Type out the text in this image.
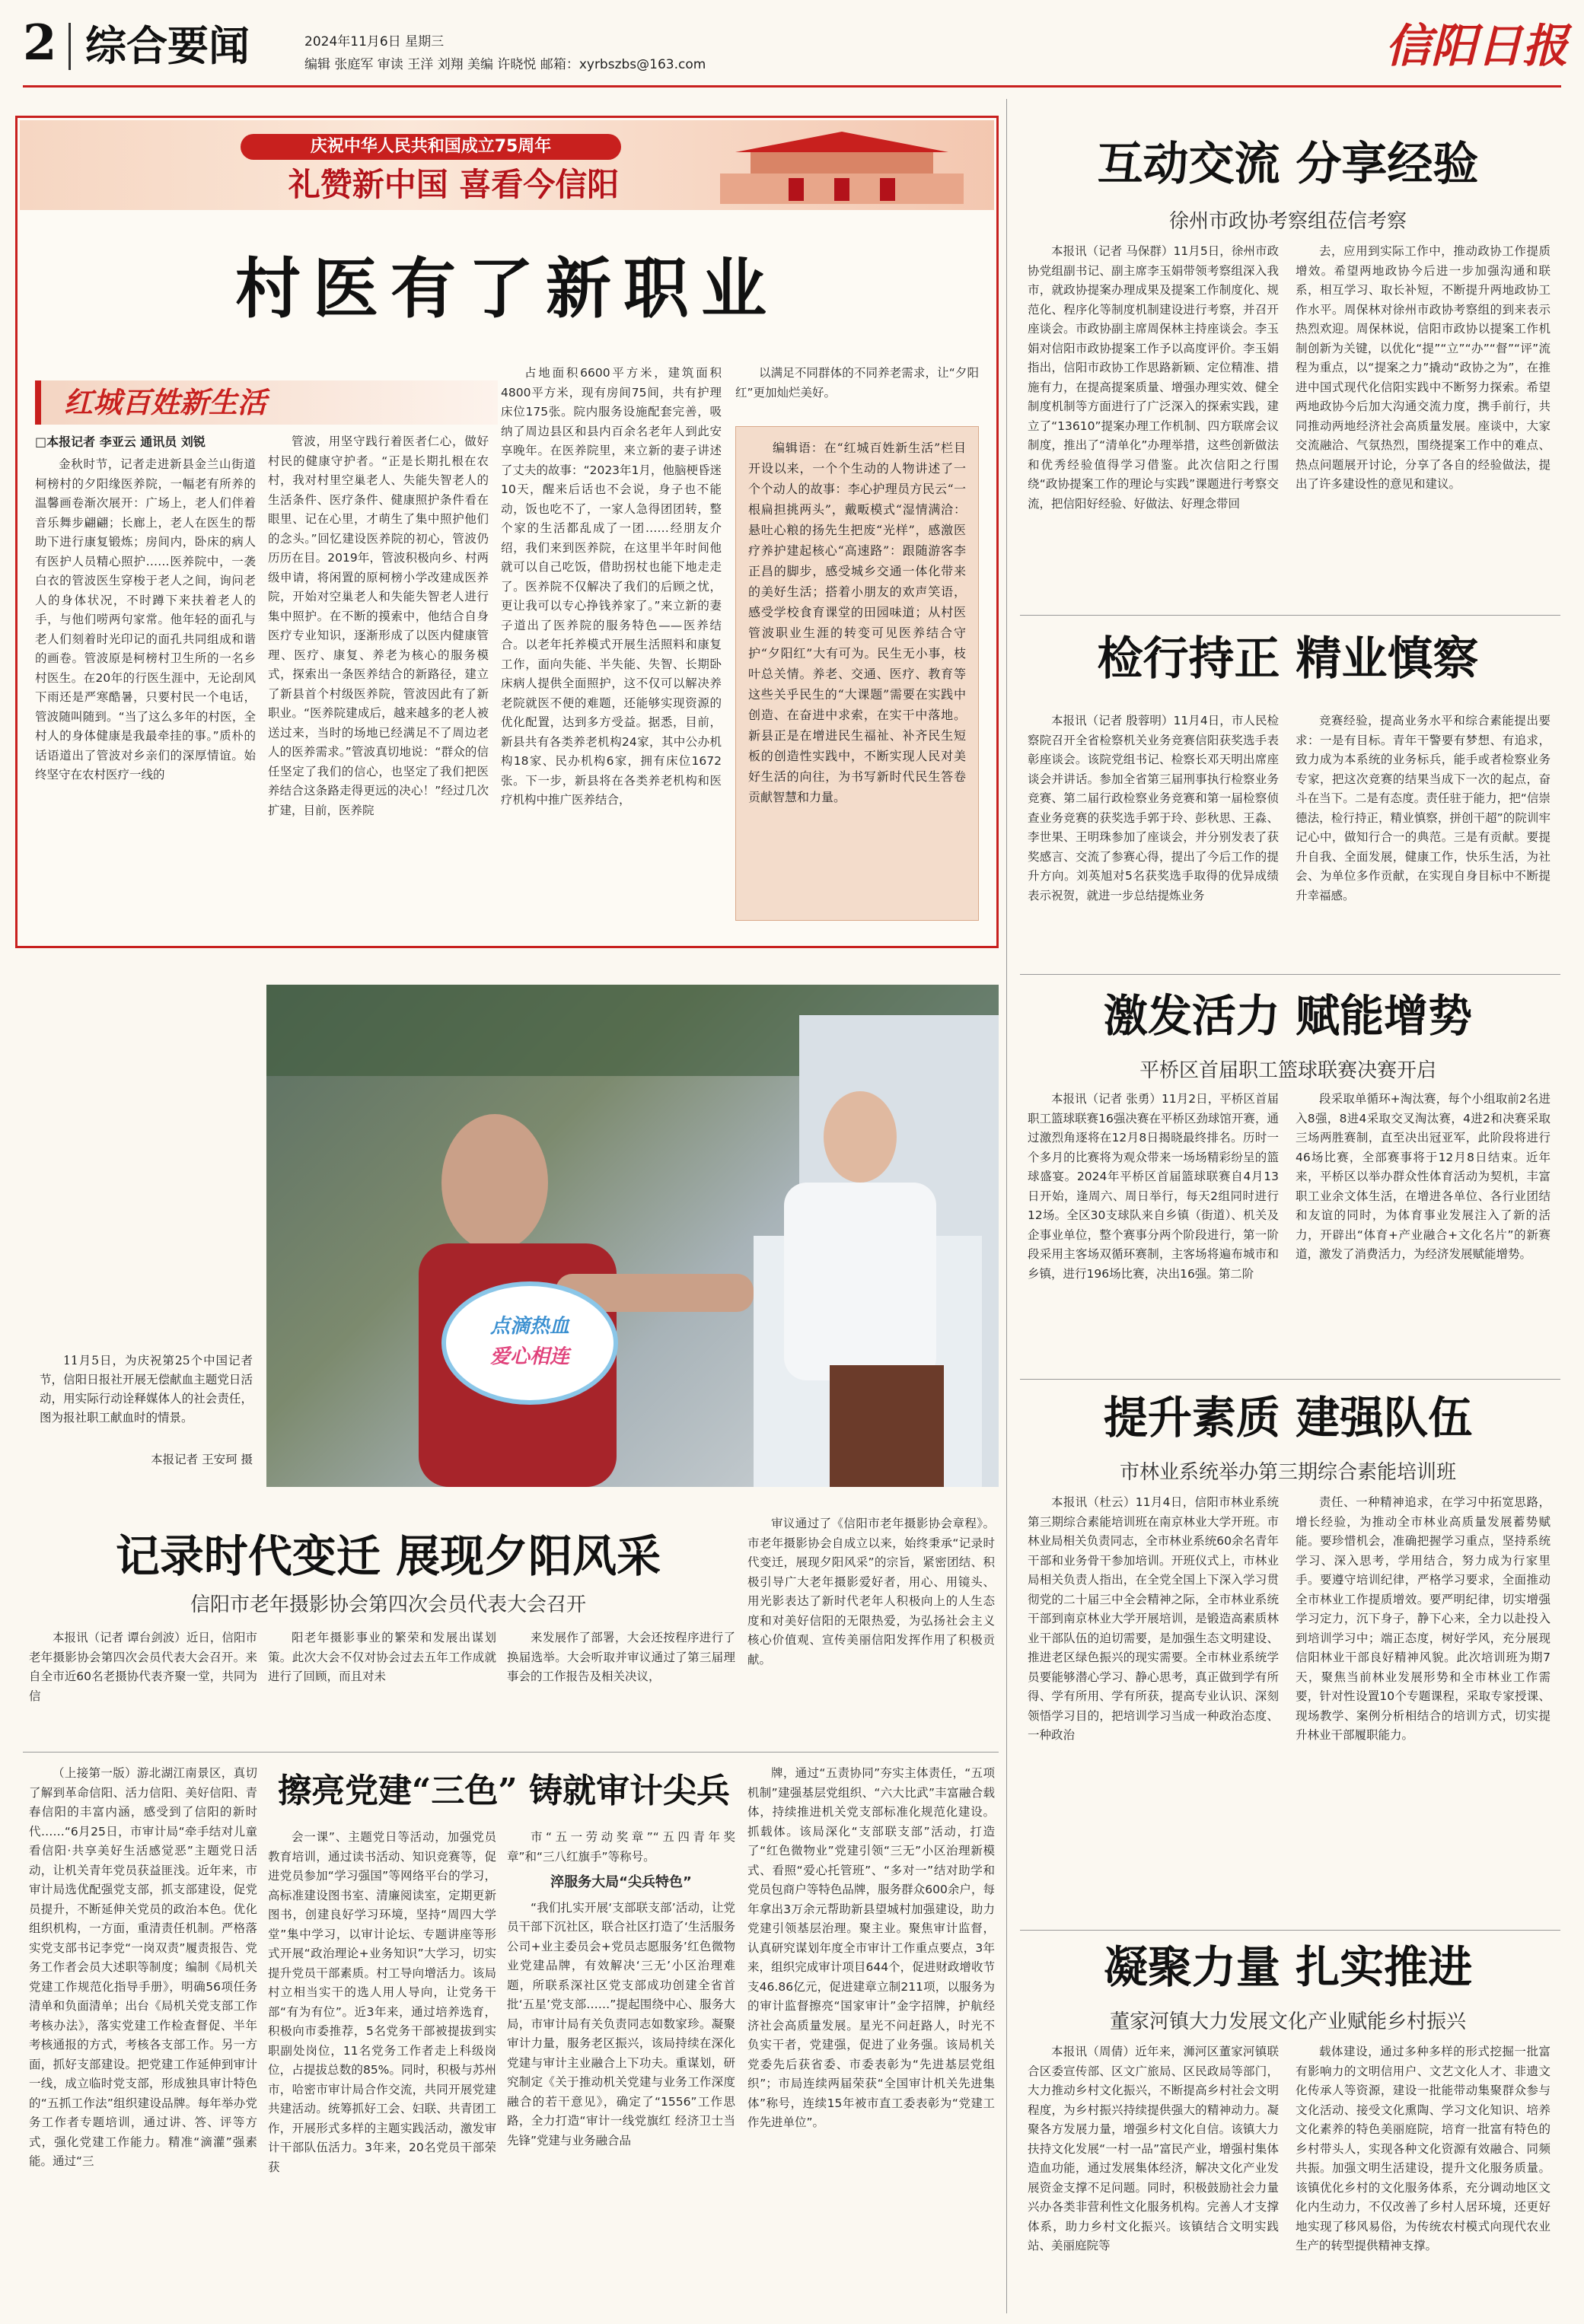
2 综合要闻	2024年11月6日 星期三
编辑 张庭军 审读 王洋 刘翔 美编 许晓悦 邮箱：xyrbszbs@163.com	信阳日报
庆祝中华人民共和国成立75周年
礼赞新中国 喜看今信阳
村医有了新职业
红城百姓新生活
□本报记者 李亚云 通讯员 刘锐

金秋时节，记者走进新县金兰山街道柯榜村的夕阳缘医养院，一幅老有所养的温馨画卷渐次展开：广场上，老人们伴着音乐舞步翩翩；长廊上，老人在医生的帮助下进行康复锻炼；房间内，卧床的病人有医护人员精心照护……医养院中，一袭白衣的管波医生穿梭于老人之间，询问老人的身体状况，不时蹲下来扶着老人的手，与他们唠两句家常。他年轻的面孔与老人们刻着时光印记的面孔共同组成和谐的画卷。管波原是柯榜村卫生所的一名乡村医生。在20年的行医生涯中，无论刮风下雨还是严寒酷暑，只要村民一个电话，管波随叫随到。“当了这么多年的村医，全村人的身体健康是我最牵挂的事。”质朴的话语道出了管波对乡亲们的深厚情谊。始终坚守在农村医疗一线的

管波，用坚守践行着医者仁心，做好村民的健康守护者。“正是长期扎根在农村，我对村里空巢老人、失能失智老人的生活条件、医疗条件、健康照护条件看在眼里、记在心里，才萌生了集中照护他们的念头。”回忆建设医养院的初心，管波仍历历在目。2019年，管波积极向乡、村两级申请，将闲置的原柯榜小学改建成医养院，开始对空巢老人和失能失智老人进行集中照护。在不断的摸索中，他结合自身医疗专业知识，逐渐形成了以医内健康管理、医疗、康复、养老为核心的服务模式，探索出一条医养结合的新路径，建立了新县首个村级医养院，管波因此有了新职业。“医养院建成后，越来越多的老人被送过来，当时的场地已经满足不了周边老人的医养需求。”管波真切地说：“群众的信任坚定了我们的信心，也坚定了我们把医养结合这条路走得更远的决心！”经过几次扩建，目前，医养院

占地面积6600平方米，建筑面积4800平方米，现有房间75间，共有护理床位175张。院内服务设施配套完善，吸纳了周边县区和县内百余名老年人到此安享晚年。在医养院里，来立新的妻子讲述了丈夫的故事：“2023年1月，他脑梗昏迷10天，醒来后话也不会说，身子也不能动，饭也吃不了，一家人急得团团转，整个家的生活都乱成了一团……经朋友介绍，我们来到医养院，在这里半年时间他就可以自己吃饭，借助拐杖也能下地走走了。医养院不仅解决了我们的后顾之忧，更让我可以专心挣钱养家了。”来立新的妻子道出了医养院的服务特色——医养结合。以老年托养模式开展生活照料和康复工作，面向失能、半失能、失智、长期卧床病人提供全面照护，这不仅可以解决养老院就医不便的难题，还能够实现资源的优化配置，达到多方受益。据悉，目前，新县共有各类养老机构24家，其中公办机构18家、民办机构6家，拥有床位1672张。下一步，新县将在各类养老机构和医疗机构中推广医养结合，

以满足不同群体的不同养老需求，让“夕阳红”更加灿烂美好。

编辑语：在“红城百姓新生活”栏目开设以来，一个个生动的人物讲述了一个个动人的故事：李心护理员方民云“一根扁担挑两头”，戴畈模式“湿情满洽：悬吐心粮的扬先生把废“光样”，感激医疗养护建起核心“高速路”：跟随游客李正昌的脚步，感受城乡交通一体化带来的美好生活；搭着小朋友的欢声笑语，感受学校食育课堂的田园味道；从村医管波职业生涯的转变可见医养结合守护“夕阳红”大有可为。民生无小事，枝叶总关情。养老、交通、医疗、教育等这些关乎民生的“大课题”需要在实践中创造、在奋进中求索，在实干中落地。新县正是在增进民生福祉、补齐民生短板的创造性实践中，不断实现人民对美好生活的向往，为书写新时代民生答卷贡献智慧和力量。

点滴热血
爱心相连

11月5日，为庆祝第25个中国记者节，信阳日报社开展无偿献血主题党日活动，用实际行动诠释媒体人的社会责任，图为报社职工献血时的情景。

本报记者 王安珂 摄
互动交流 分享经验
徐州市政协考察组莅信考察

本报讯（记者 马保群）11月5日，徐州市政协党组副书记、副主席李玉娟带领考察组深入我市，就政协提案办理成果及提案工作制度化、规范化、程序化等制度机制建设进行考察，并召开座谈会。市政协副主席周保林主持座谈会。李玉娟对信阳市政协提案工作予以高度评价。李玉娟指出，信阳市政协工作思路新颖、定位精准、措施有力，在提高提案质量、增强办理实效、健全制度机制等方面进行了广泛深入的探索实践，建立了“13610”提案办理工作机制、四方联席会议制度，推出了“清单化”办理举措，这些创新做法和优秀经验值得学习借鉴。此次信阳之行围绕“政协提案工作的理论与实践”课题进行考察交流，把信阳好经验、好做法、好理念带回

去，应用到实际工作中，推动政协工作提质增效。希望两地政协今后进一步加强沟通和联系，相互学习、取长补短，不断提升两地政协工作水平。周保林对徐州市政协考察组的到来表示热烈欢迎。周保林说，信阳市政协以提案工作机制创新为关键，以优化“提”“立”“办”“督”“评”流程为重点，以“提案之力”撬动“政协之为”，在推进中国式现代化信阳实践中不断努力探索。希望两地政协今后加大沟通交流力度，携手前行，共同推动两地经济社会高质量发展。座谈中，大家交流融洽、气氛热烈，围绕提案工作中的难点、热点问题展开讨论，分享了各自的经验做法，提出了许多建设性的意见和建议。

检行持正 精业慎察

本报讯（记者 殷蓉明）11月4日，市人民检察院召开全省检察机关业务竞赛信阳获奖选手表彰座谈会。该院党组书记、检察长邓天明出席座谈会并讲话。参加全省第三届刑事执行检察业务竞赛、第二届行政检察业务竞赛和第一届检察侦查业务竞赛的获奖选手郭于玲、彭秋思、王淼、李世果、王明珠参加了座谈会，并分别发表了获奖感言、交流了参赛心得，提出了今后工作的提升方向。刘英旭对5名获奖选手取得的优异成绩表示祝贺，就进一步总结提炼业务

竞赛经验，提高业务水平和综合素能提出要求：一是有目标。青年干警要有梦想、有追求，致力成为本系统的业务标兵，能手或者检察业务专家，把这次竞赛的结果当成下一次的起点，奋斗在当下。二是有态度。责任驻于能力，把“信崇德法，检行持正，精业慎察，拼创干超”的院训牢记心中，做知行合一的典范。三是有贡献。要提升自我、全面发展，健康工作，快乐生活，为社会、为单位多作贡献，在实现自身目标中不断提升幸福感。

激发活力 赋能增势
平桥区首届职工篮球联赛决赛开启

本报讯（记者 张勇）11月2日，平桥区首届职工篮球联赛16强决赛在平桥区劲球馆开赛，通过激烈角逐将在12月8日揭晓最终排名。历时一个多月的比赛将为观众带来一场场精彩纷呈的篮球盛宴。2024年平桥区首届篮球联赛自4月13日开始，逢周六、周日举行，每天2组同时进行12场。全区30支球队来自乡镇（街道）、机关及企事业单位，整个赛事分两个阶段进行，第一阶段采用主客场双循环赛制，主客场将遍布城市和乡镇，进行196场比赛，决出16强。第二阶

段采取单循环+淘汰赛，每个小组取前2名进入8强，8进4采取交叉淘汰赛，4进2和决赛采取三场两胜赛制，直至决出冠亚军，此阶段将进行46场比赛，全部赛事将于12月8日结束。近年来，平桥区以举办群众性体育活动为契机，丰富职工业余文体生活，在增进各单位、各行业团结和友谊的同时，为体育事业发展注入了新的活力，开辟出“体育+产业融合+文化名片”的新赛道，激发了消费活力，为经济发展赋能增势。

提升素质 建强队伍
市林业系统举办第三期综合素能培训班

本报讯（杜云）11月4日，信阳市林业系统第三期综合素能培训班在南京林业大学开班。市林业局相关负责同志，全市林业系统60余名青年干部和业务骨干参加培训。开班仪式上，市林业局相关负责人指出，在全党全国上下深入学习贯彻党的二十届三中全会精神之际，全市林业系统干部到南京林业大学开展培训，是锻造高素质林业干部队伍的迫切需要，是加强生态文明建设、推进老区绿色振兴的现实需要。全市林业系统学员要能够潜心学习、静心思考，真正做到学有所得、学有所用、学有所获，提高专业认识、深刻领悟学习目的，把培训学习当成一种政治态度、一种政治

责任、一种精神追求，在学习中拓宽思路，增长经验，为推动全市林业高质量发展蓄势赋能。要珍惜机会，准确把握学习重点，坚持系统学习、深入思考，学用结合，努力成为行家里手。要遵守培训纪律，严格学习要求，全面推动全市林业工作提质增效。要严明纪律，切实增强学习定力，沉下身子，静下心来，全力以赴投入到培训学习中；端正态度，树好学风，充分展现信阳林业干部良好精神风貌。此次培训班为期7天，聚焦当前林业发展形势和全市林业工作需要，针对性设置10个专题课程，采取专家授课、现场教学、案例分析相结合的培训方式，切实提升林业干部履职能力。

凝聚力量 扎实推进
董家河镇大力发展文化产业赋能乡村振兴

本报讯（周倩）近年来，浉河区董家河镇联合区委宣传部、区文广旅局、区民政局等部门，大力推动乡村文化振兴，不断提高乡村社会文明程度，为乡村振兴持续提供强大的精神动力。凝聚各方发展力量，增强乡村文化自信。该镇大力扶持文化发展“一村一品”富民产业，增强村集体造血功能，通过发展集体经济，解决文化产业发展资金支撑不足问题。同时，积极鼓励社会力量兴办各类非营利性文化服务机构。完善人才支撑体系，助力乡村文化振兴。该镇结合文明实践站、美丽庭院等

载体建设，通过多种多样的形式挖掘一批富有影响力的文明信用户、文艺文化人才、非遗文化传承人等资源，建设一批能带动集聚群众参与文化活动、接受文化熏陶、学习文化知识、培养文化素养的特色美丽庭院，培育一批富有特色的乡村带头人，实现各种文化资源有效融合、同频共振。加强文明生活建设，提升文化服务质量。该镇优化乡村的文化服务体系，充分调动地区文化内生动力，不仅改善了乡村人居环境，还更好地实现了移风易俗，为传统农村模式向现代农业生产的转型提供精神支撑。

记录时代变迁 展现夕阳风采
信阳市老年摄影协会第四次会员代表大会召开

本报讯（记者 谭台剑波）近日，信阳市老年摄影协会第四次会员代表大会召开。来自全市近60名老摄协代表齐聚一堂，共同为信

阳老年摄影事业的繁荣和发展出谋划策。此次大会不仅对协会过去五年工作成就进行了回顾，而且对未

来发展作了部署，大会还按程序进行了换届选举。大会听取并审议通过了第三届理事会的工作报告及相关决议，

审议通过了《信阳市老年摄影协会章程》。市老年摄影协会自成立以来，始终秉承“记录时代变迁，展现夕阳风采”的宗旨，紧密团结、积极引导广大老年摄影爱好者，用心、用镜头、用光影表达了新时代老年人积极向上的人生态度和对美好信阳的无限热爱，为弘扬社会主义核心价值观、宣传美丽信阳发挥作用了积极贡献。

（上接第一版）游北湖江南景区，真切了解到革命信阳、活力信阳、美好信阳、青春信阳的丰富内涵，感受到了信阳的新时代……“6月25日，市审计局“牵手结对儿童看信阳·共享美好生活感觉恶”主题党日活动，让机关青年党员获益匪浅。近年来，市审计局选优配强党支部，抓支部建设，促党员提升，不断延伸关党员的政治本色。优化组织机构，一方面，重清责任机制。严格落实党支部书记李党“一岗双责”履责报告、党务工作者会员大述职等制度；编制《局机关党建工作规范化指导手册》，明确56项任务清单和负面清单；出台《局机关党支部工作考核办法》，落实党建工作检查督促、半年考核通报的方式，考核各支部工作。另一方面，抓好支部建设。把党建工作延伸到审计一线，成立临时党支部，形成独具审计特色的“五抓工作法”组织建设品牌。每年举办党务工作者专题培训，通过讲、答、评等方式，强化党建工作能力。精准“滴灌”强素能。通过“三

擦亮党建“三色” 铸就审计尖兵

会一课”、主题党日等活动，加强党员教育培训，通过读书活动、知识竞赛等，促进党员参加“学习强国”等网络平台的学习，高标准建设图书室、清廉阅读室，定期更新图书，创建良好学习环境，坚持“周四大学堂”集中学习，以审计论坛、专题讲座等形式开展“政治理论+业务知识”大学习，切实提升党员干部素质。村工导向增活力。该局村立相当实干的选人用人导向，让党务干部“有为有位”。近3年来，通过培养选育，积极向市委推荐，5名党务干部被提拔到实职副处岗位，11名党务工作者走上科级岗位，占提拔总数的85%。同时，积极与苏州市，哈密市审计局合作交流，共同开展党建共建活动。统筹抓好工会、妇联、共青团工作，开展形式多样的主题实践活动，激发审计干部队伍活力。3年来，20名党员干部荣获

市“五一劳动奖章”“五四青年奖章”和“三八红旗手”等称号。

淬服务大局“尖兵特色”

“我们扎实开展‘支部联支部’活动，让党员干部下沉社区，联合社区打造了‘生活服务公司+业主委员会+党员志愿服务’红色微物业党建品牌，有效解决‘三无’小区治理难题，所联系深社区党支部成功创建全省首批‘五星’党支部……”提起围绕中心、服务大局，市审计局有关负责同志如数家珍。凝聚审计力量，服务老区振兴，该局持续在深化党建与审计主业融合上下功夫。重谋划，研究制定《关于推动机关党建与业务工作深度融合的若干意见》，确定了“1556”工作思路，全力打造“审计一线党旗红 经济卫士当先锋”党建与业务融合品

牌，通过“五责协同”夯实主体责任，“五项机制”建强基层党组织、“六大比武”丰富融合载体，持续推进机关党支部标准化规范化建设。抓载体。该局深化“支部联支部”活动，打造了“红色微物业”党建引领“三无”小区治理新模式、看照“爱心托管班”、“多对一”结对助学和党员包商户等特色品牌，服务群众600余户，每年拿出3万余元帮助新县望城村加强建设，助力党建引领基层治理。聚主业。聚焦审计监督，认真研究谋划年度全市审计工作重点要点，3年来，组织完成审计项目644个，促进财政增收节支46.86亿元，促进建章立制211项，以服务为的审计监督擦亮“国家审计”金字招牌，护航经济社会高质量发展。星光不问赶路人，时光不负实干者，党建强，促进了业务强。该局机关党委先后获省委、市委表彰为“先进基层党组织”；市局连续两届荣获“全国审计机关先进集体”称号，连续15年被市直工委表彰为“党建工作先进单位”。
